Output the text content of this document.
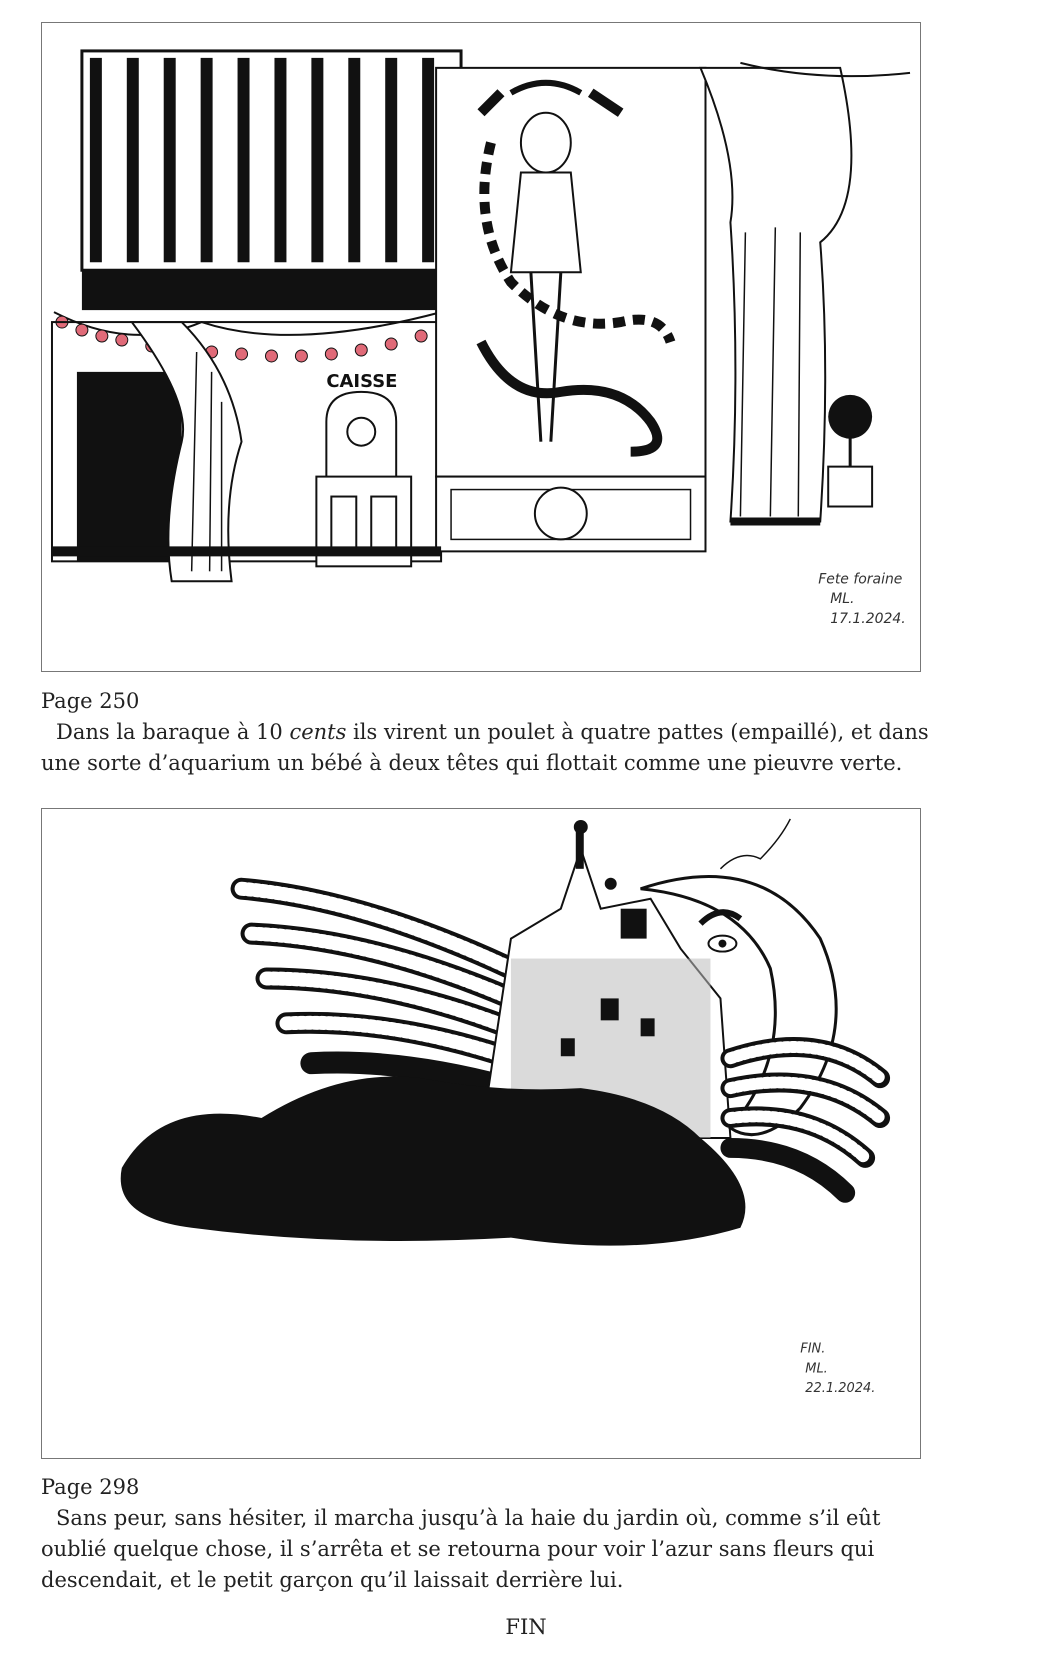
CAISSE
Fete foraine
ML.
17.1.2024.
Page 250
Dans la baraque à 10 cents ils virent un poulet à quatre pattes (empaillé), et dans une sorte d’aquarium un bébé à deux têtes qui flottait comme une pieuvre verte.
FIN.
ML.
22.1.2024.
Page 298
Sans peur, sans hésiter, il marcha jusqu’à la haie du jardin où, comme s’il eût oublié quelque chose, il s’arrêta et se retourna pour voir l’azur sans fleurs qui descendait, et le petit garçon qu’il laissait derrière lui.
FIN
